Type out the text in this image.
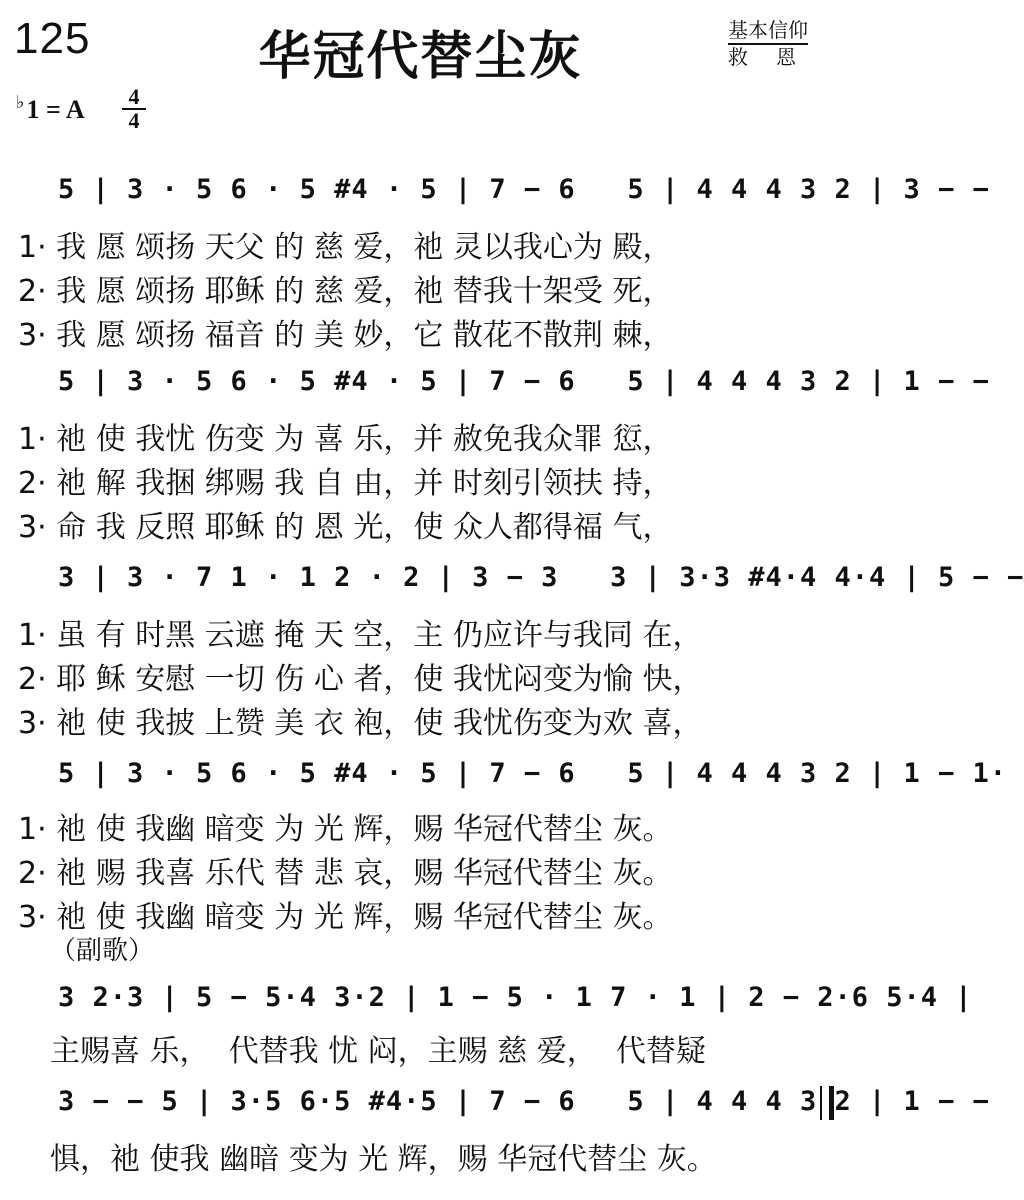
125	华冠代替尘灰	基本信仰
救恩
♭1 = A 4
4
5 | 3 · 5 6 · 5 #4 · 5 | 7 − 6   5 | 4 4 4 3 2 | 3 − −
1· 我 愿 颂扬 天父 的 慈 爱，祂 灵以我心为 殿，
2· 我 愿 颂扬 耶稣 的 慈 爱，祂 替我十架受 死，
3· 我 愿 颂扬 福音 的 美 妙，它 散花不散荆 棘，
5 | 3 · 5 6 · 5 #4 · 5 | 7 − 6   5 | 4 4 4 3 2 | 1 − −
1· 祂 使 我忧 伤变 为 喜 乐，并 赦免我众罪 愆，
2· 祂 解 我捆 绑赐 我 自 由，并 时刻引领扶 持，
3· 命 我 反照 耶稣 的 恩 光，使 众人都得福 气，
3 | 3 · 7 1 · 1 2 · 2 | 3 − 3   3 | 3·3 #4·4 4·4 | 5 − −
1· 虽 有 时黑 云遮 掩 天 空，主 仍应许与我同 在，
2· 耶 稣 安慰 一切 伤 心 者，使 我忧闷变为愉 快，
3· 祂 使 我披 上赞 美 衣 袍，使 我忧伤变为欢 喜，
5 | 3 · 5 6 · 5 #4 · 5 | 7 − 6   5 | 4 4 4 3 2 | 1 − 1·
1· 祂 使 我幽 暗变 为 光 辉，赐 华冠代替尘 灰。
2· 祂 赐 我喜 乐代 替 悲 哀，赐 华冠代替尘 灰。
3· 祂 使 我幽 暗变 为 光 辉，赐 华冠代替尘 灰。
（副歌）
3 2·3 | 5 − 5·4 3·2 | 1 − 5 · 1 7 · 1 | 2 − 2·6 5·4 |
主赐喜 乐，  代替我 忧 闷，主赐 慈 爱，  代替疑
3 − − 5 | 3·5 6·5 #4·5 | 7 − 6   5 | 4 4 4 3 2 | 1 − −
惧，祂 使我 幽暗 变为 光 辉，赐 华冠代替尘 灰。
